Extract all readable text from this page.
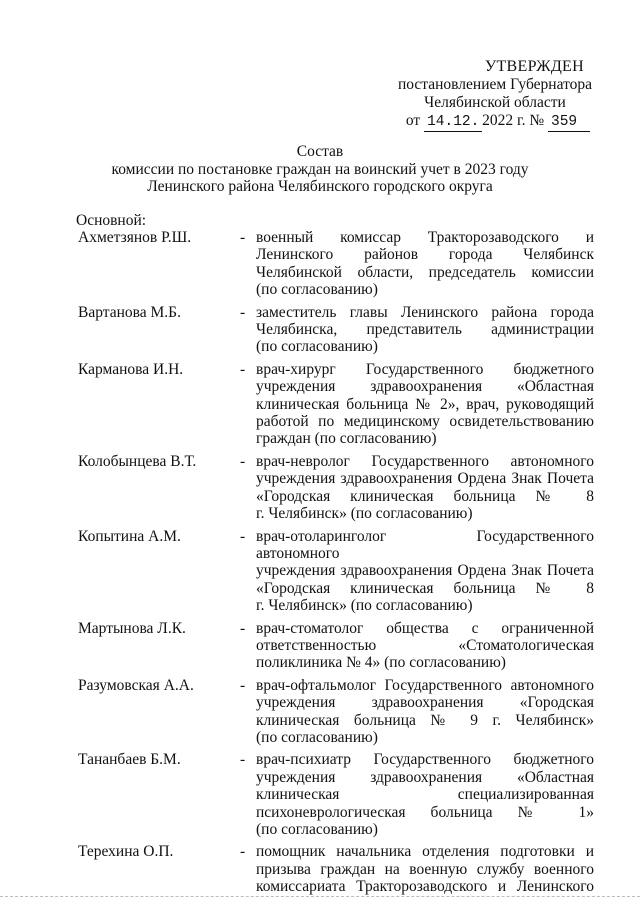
УТВЕРЖДЕН
постановлением Губернатора
Челябинской области
от 14.12. 2022 г. № 359
Состав
комиссии по постановке граждан на воинский учет в 2023 году
Ленинского района Челябинского городского округа
Основной:
Ахметзянов Р.Ш.	- военный комиссар Тракторозаводского и
Ленинского районов города Челябинск
Челябинской области, председатель комиссии
(по согласованию)
Вартанова М.Б.	- заместитель главы Ленинского района города
Челябинска, представитель администрации
(по согласованию)
Карманова И.Н.	- врач-хирург Государственного бюджетного
учреждения здравоохранения «Областная
клиническая больница № 2», врач, руководящий
работой по медицинскому освидетельствованию
граждан (по согласованию)
Колобынцева В.Т.	- врач-невролог Государственного автономного
учреждения здравоохранения Ордена Знак Почета
«Городская клиническая больница № 8
г. Челябинск» (по согласованию)
Копытина А.М.	- врач-отоларинголог Государственного автономного
учреждения здравоохранения Ордена Знак Почета
«Городская клиническая больница № 8
г. Челябинск» (по согласованию)
Мартынова Л.К.	- врач-стоматолог общества с ограниченной
ответственностью «Стоматологическая
поликлиника № 4» (по согласованию)
Разумовская А.А.	- врач-офтальмолог Государственного автономного
учреждения здравоохранения «Городская
клиническая больница № 9 г. Челябинск»
(по согласованию)
Тананбаев Б.М.	- врач-психиатр Государственного бюджетного
учреждения здравоохранения «Областная
клиническая специализированная
психоневрологическая больница № 1»
(по согласованию)
Терехина О.П.	- помощник начальника отделения подготовки и
призыва граждан на военную службу военного
комиссариата Тракторозаводского и Ленинского
